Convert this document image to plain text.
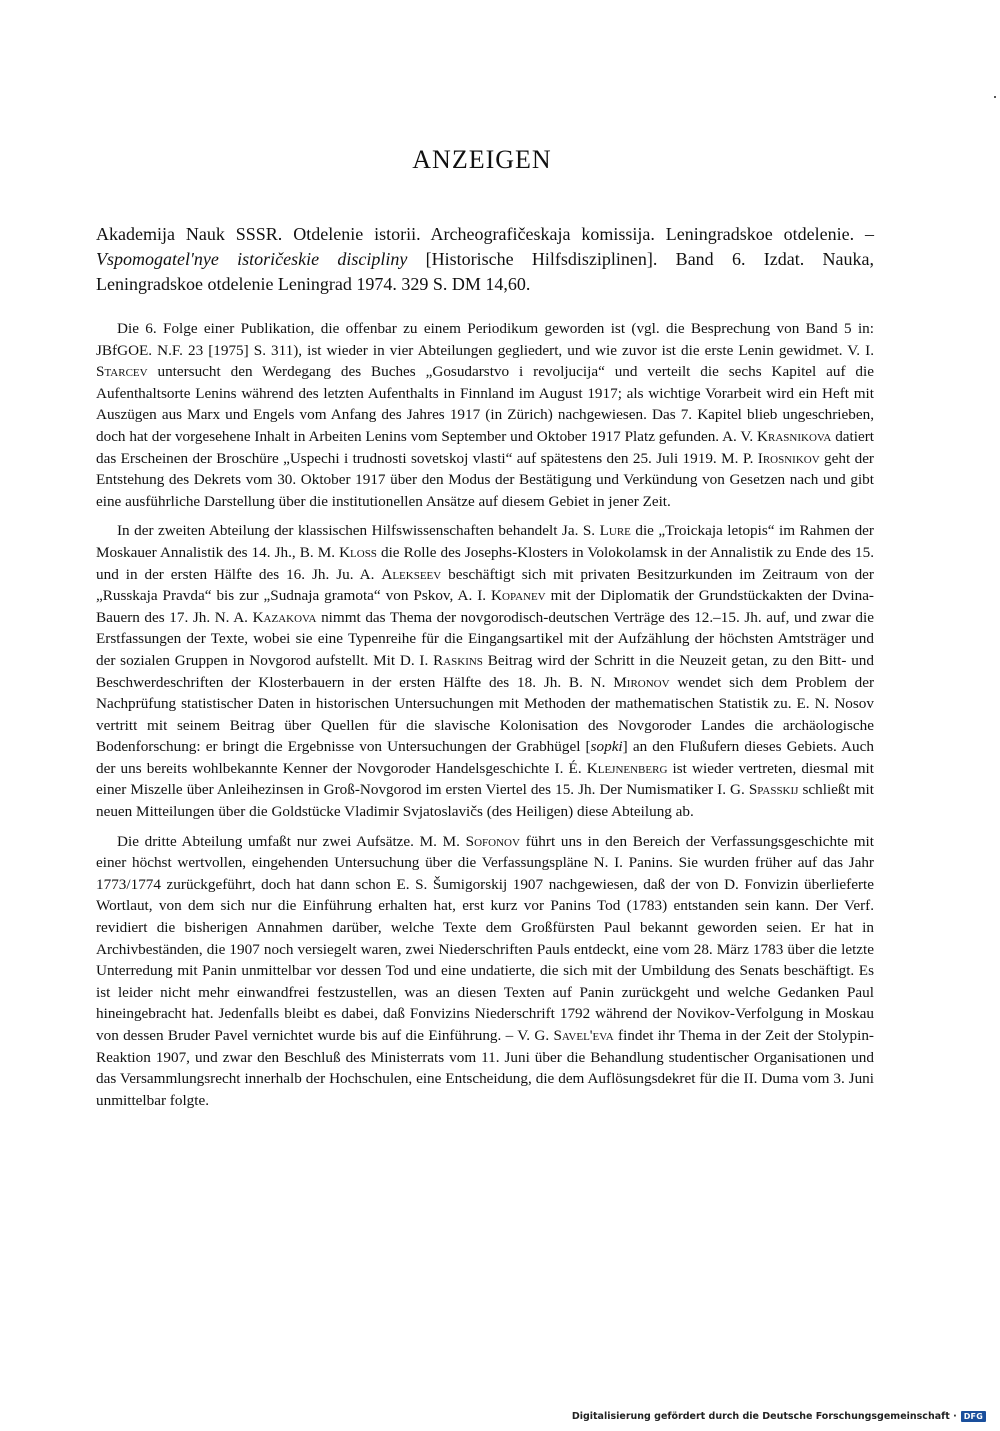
ANZEIGEN
Akademija Nauk SSSR. Otdelenie istorii. Archeografičeskaja komissija. Leningradskoe otdelenie. – Vspomogatel'nye istoričeskie discipliny [Historische Hilfsdisziplinen]. Band 6. Izdat. Nauka, Leningradskoe otdelenie Leningrad 1974. 329 S. DM 14,60.

Die 6. Folge einer Publikation, die offenbar zu einem Periodikum geworden ist (vgl. die Besprechung von Band 5 in: JBfGOE. N.F. 23 [1975] S. 311), ist wieder in vier Abteilungen gegliedert, und wie zuvor ist die erste Lenin gewidmet. V. I. Starcev untersucht den Werdegang des Buches „Gosudarstvo i revoljucija“ und verteilt die sechs Kapitel auf die Aufenthaltsorte Lenins während des letzten Aufenthalts in Finnland im August 1917; als wichtige Vorarbeit wird ein Heft mit Auszügen aus Marx und Engels vom Anfang des Jahres 1917 (in Zürich) nachgewiesen. Das 7. Kapitel blieb ungeschrieben, doch hat der vorgesehene Inhalt in Arbeiten Lenins vom September und Oktober 1917 Platz gefunden. A. V. Krasnikova datiert das Erscheinen der Broschüre „Uspechi i trudnosti sovetskoj vlasti“ auf spätestens den 25. Juli 1919. M. P. Irosnikov geht der Entstehung des Dekrets vom 30. Oktober 1917 über den Modus der Bestätigung und Verkündung von Gesetzen nach und gibt eine ausführliche Darstellung über die institutionellen Ansätze auf diesem Gebiet in jener Zeit.

In der zweiten Abteilung der klassischen Hilfswissenschaften behandelt Ja. S. Lure die „Troickaja letopis“ im Rahmen der Moskauer Annalistik des 14. Jh., B. M. Kloss die Rolle des Josephs-Klosters in Volokolamsk in der Annalistik zu Ende des 15. und in der ersten Hälfte des 16. Jh. Ju. A. Alekseev beschäftigt sich mit privaten Besitzurkunden im Zeitraum von der „Russkaja Pravda“ bis zur „Sudnaja gramota“ von Pskov, A. I. Kopanev mit der Diplomatik der Grundstückakten der Dvina-Bauern des 17. Jh. N. A. Kazakova nimmt das Thema der novgorodisch-deutschen Verträge des 12.–15. Jh. auf, und zwar die Erstfassungen der Texte, wobei sie eine Typenreihe für die Eingangsartikel mit der Aufzählung der höchsten Amtsträger und der sozialen Gruppen in Novgorod aufstellt. Mit D. I. Raskins Beitrag wird der Schritt in die Neuzeit getan, zu den Bitt- und Beschwerdeschriften der Klosterbauern in der ersten Hälfte des 18. Jh. B. N. Mironov wendet sich dem Problem der Nachprüfung statistischer Daten in historischen Untersuchungen mit Methoden der mathematischen Statistik zu. E. N. Nosov vertritt mit seinem Beitrag über Quellen für die slavische Kolonisation des Novgoroder Landes die archäologische Bodenforschung: er bringt die Ergebnisse von Untersuchungen der Grabhügel [sopki] an den Flußufern dieses Gebiets. Auch der uns bereits wohlbekannte Kenner der Novgoroder Handelsgeschichte I. É. Klejnenberg ist wieder vertreten, diesmal mit einer Miszelle über Anleihezinsen in Groß-Novgorod im ersten Viertel des 15. Jh. Der Numismatiker I. G. Spasskij schließt mit neuen Mitteilungen über die Goldstücke Vladimir Svjatoslavičs (des Heiligen) diese Abteilung ab.

Die dritte Abteilung umfaßt nur zwei Aufsätze. M. M. Sofonov führt uns in den Bereich der Verfassungsgeschichte mit einer höchst wertvollen, eingehenden Untersuchung über die Verfassungspläne N. I. Panins. Sie wurden früher auf das Jahr 1773/1774 zurückgeführt, doch hat dann schon E. S. Šumigorskij 1907 nachgewiesen, daß der von D. Fonvizin überlieferte Wortlaut, von dem sich nur die Einführung erhalten hat, erst kurz vor Panins Tod (1783) entstanden sein kann. Der Verf. revidiert die bisherigen Annahmen darüber, welche Texte dem Großfürsten Paul bekannt geworden seien. Er hat in Archivbeständen, die 1907 noch versiegelt waren, zwei Niederschriften Pauls entdeckt, eine vom 28. März 1783 über die letzte Unterredung mit Panin unmittelbar vor dessen Tod und eine undatierte, die sich mit der Umbildung des Senats beschäftigt. Es ist leider nicht mehr einwandfrei festzustellen, was an diesen Texten auf Panin zurückgeht und welche Gedanken Paul hineingebracht hat. Jedenfalls bleibt es dabei, daß Fonvizins Niederschrift 1792 während der Novikov-Verfolgung in Moskau von dessen Bruder Pavel vernichtet wurde bis auf die Einführung. – V. G. Savel'eva findet ihr Thema in der Zeit der Stolypin-Reaktion 1907, und zwar den Beschluß des Ministerrats vom 11. Juni über die Behandlung studentischer Organisationen und das Versammlungsrecht innerhalb der Hochschulen, eine Entscheidung, die dem Auflösungsdekret für die II. Duma vom 3. Juni unmittelbar folgte.

Digitalisierung gefördert durch die Deutsche Forschungsgemeinschaft · DFG
